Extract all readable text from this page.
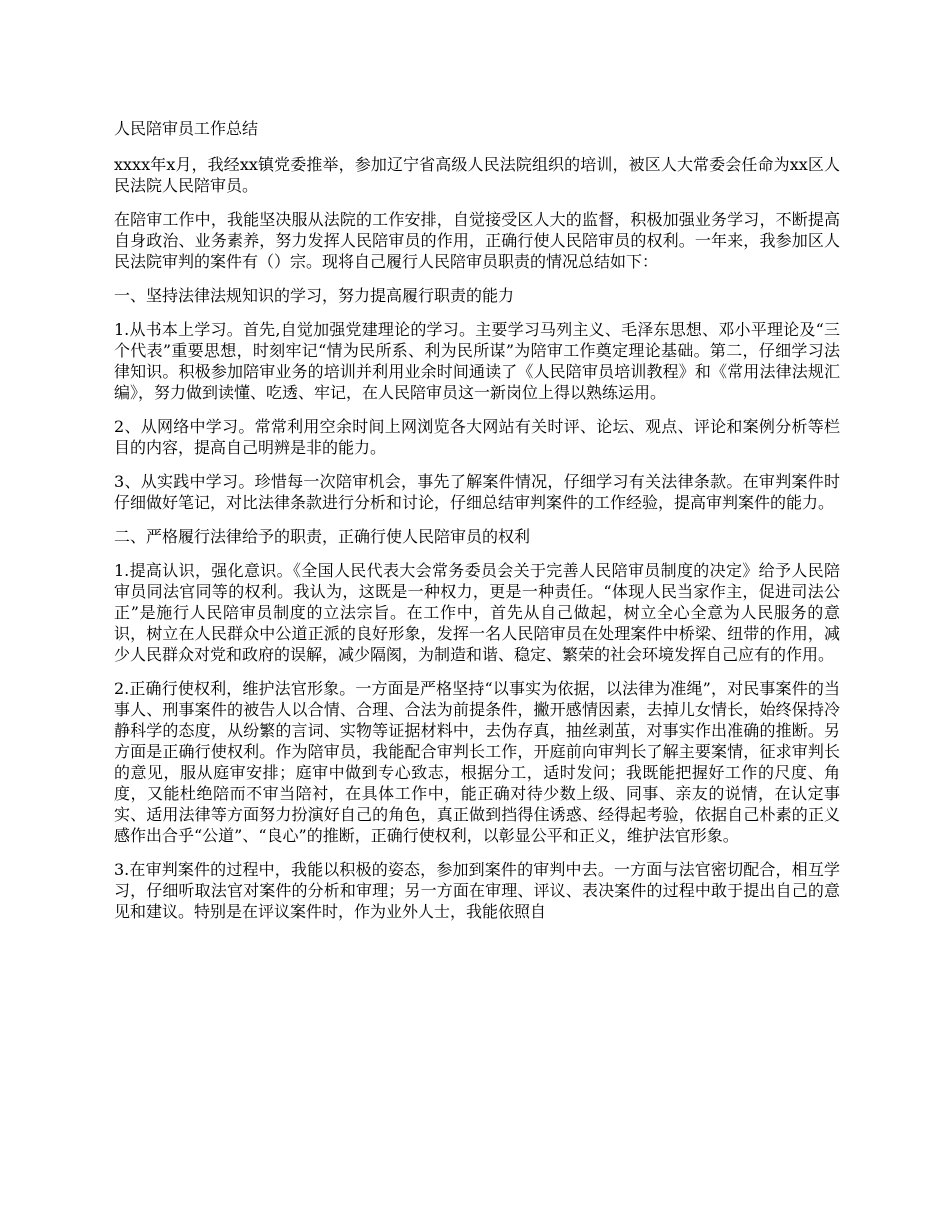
人民陪审员工作总结

xxxx年x月，我经xx镇党委推举，参加辽宁省高级人民法院组织的培训，被区人大常委会任命为xx区人民法院人民陪审员。

在陪审工作中，我能坚决服从法院的工作安排，自觉接受区人大的监督，积极加强业务学习，不断提高自身政治、业务素养，努力发挥人民陪审员的作用，正确行使人民陪审员的权利。一年来，我参加区人民法院审判的案件有（）宗。现将自己履行人民陪审员职责的情况总结如下：

一、坚持法律法规知识的学习，努力提高履行职责的能力

1.从书本上学习。首先,自觉加强党建理论的学习。主要学习马列主义、毛泽东思想、邓小平理论及“三个代表”重要思想，时刻牢记“情为民所系、利为民所谋”为陪审工作奠定理论基础。第二，仔细学习法律知识。积极参加陪审业务的培训并利用业余时间通读了《人民陪审员培训教程》和《常用法律法规汇编》，努力做到读懂、吃透、牢记，在人民陪审员这一新岗位上得以熟练运用。

2、从网络中学习。常常利用空余时间上网浏览各大网站有关时评、论坛、观点、评论和案例分析等栏目的内容，提高自己明辨是非的能力。

3、从实践中学习。珍惜每一次陪审机会，事先了解案件情况，仔细学习有关法律条款。在审判案件时仔细做好笔记，对比法律条款进行分析和讨论，仔细总结审判案件的工作经验，提高审判案件的能力。

二、严格履行法律给予的职责，正确行使人民陪审员的权利

1.提高认识，强化意识。《全国人民代表大会常务委员会关于完善人民陪审员制度的决定》给予人民陪审员同法官同等的权利。我认为，这既是一种权力，更是一种责任。“体现人民当家作主，促进司法公正”是施行人民陪审员制度的立法宗旨。在工作中，首先从自己做起，树立全心全意为人民服务的意识，树立在人民群众中公道正派的良好形象，发挥一名人民陪审员在处理案件中桥梁、纽带的作用，减少人民群众对党和政府的误解，减少隔阂，为制造和谐、稳定、繁荣的社会环境发挥自己应有的作用。

2.正确行使权利，维护法官形象。一方面是严格坚持“以事实为依据，以法律为准绳”，对民事案件的当事人、刑事案件的被告人以合情、合理、合法为前提条件，撇开感情因素，去掉儿女情长，始终保持冷静科学的态度，从纷繁的言词、实物等证据材料中，去伪存真，抽丝剥茧，对事实作出准确的推断。另方面是正确行使权利。作为陪审员，我能配合审判长工作，开庭前向审判长了解主要案情，征求审判长的意见，服从庭审安排；庭审中做到专心致志，根据分工，适时发问；我既能把握好工作的尺度、角度，又能杜绝陪而不审当陪衬，在具体工作中，能正确对待少数上级、同事、亲友的说情，在认定事实、适用法律等方面努力扮演好自己的角色，真正做到挡得住诱惑、经得起考验，依据自己朴素的正义感作出合乎“公道”、“良心”的推断，正确行使权利，以彰显公平和正义，维护法官形象。

3.在审判案件的过程中，我能以积极的姿态，参加到案件的审判中去。一方面与法官密切配合，相互学习，仔细听取法官对案件的分析和审理；另一方面在审理、评议、表决案件的过程中敢于提出自己的意见和建议。特别是在评议案件时，作为业外人士，我能依照自
